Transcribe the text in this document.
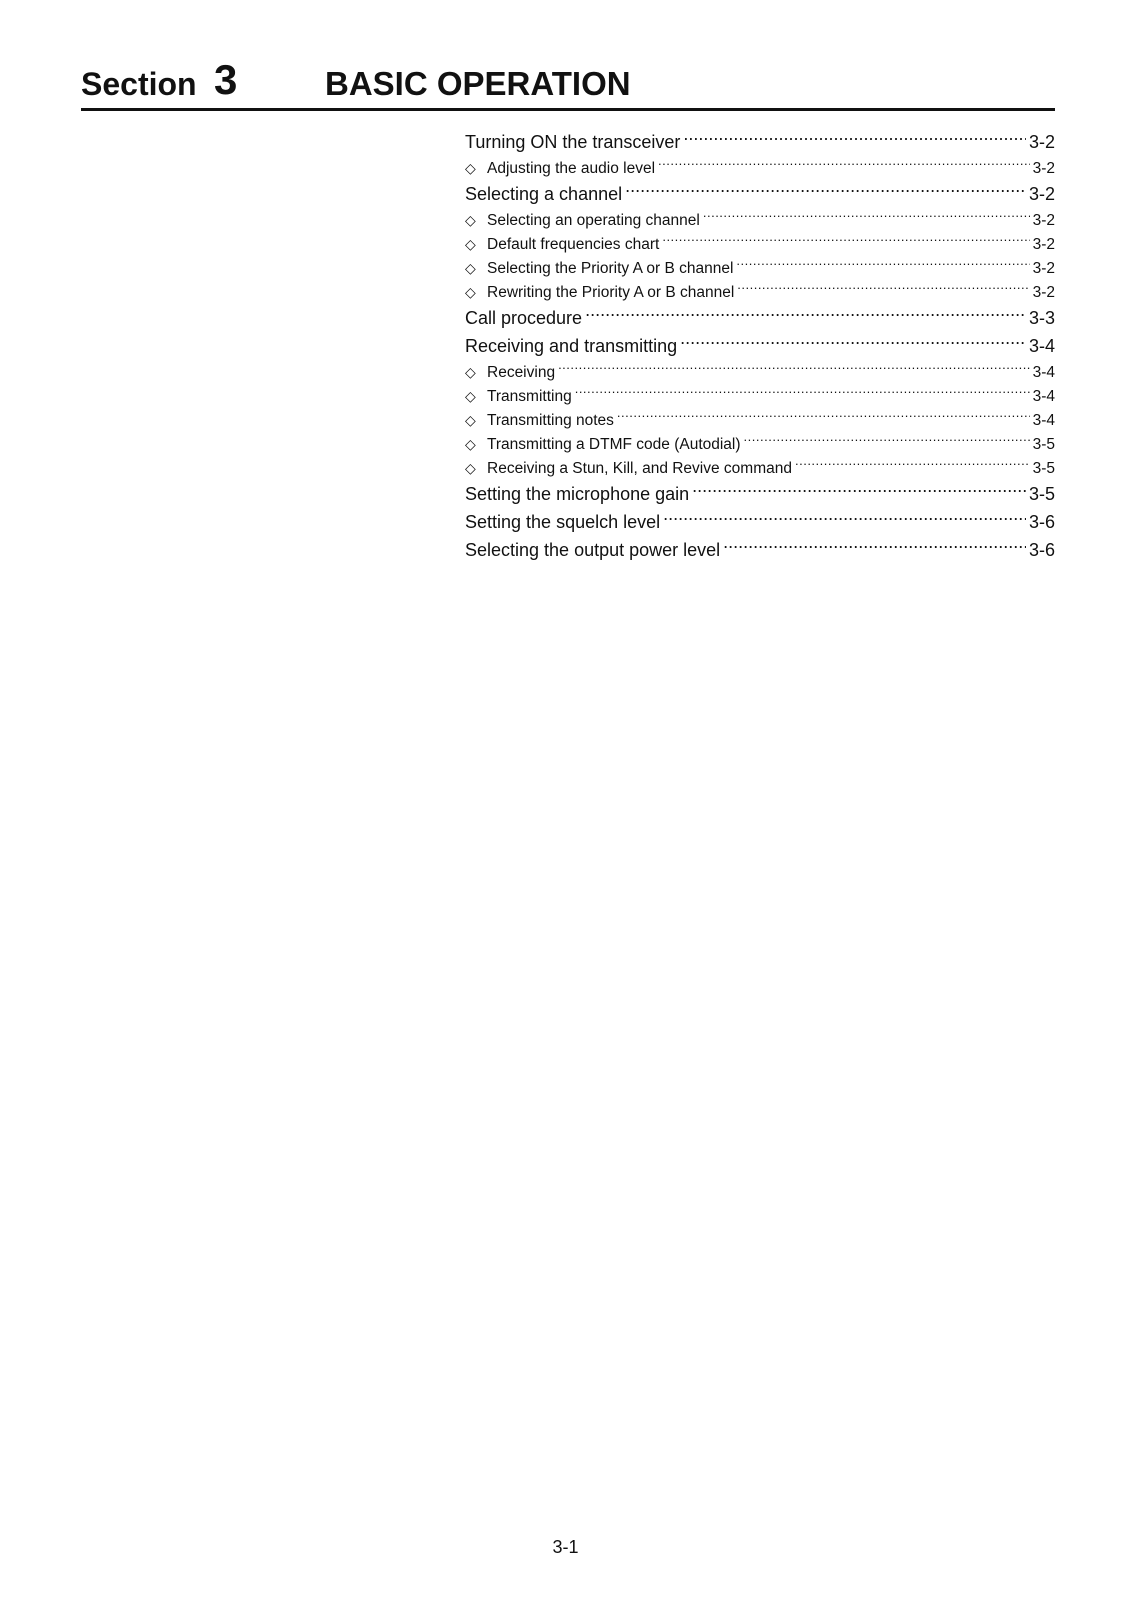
Section 3	BASIC OPERATION
Turning ON the transceiver .....	3-2
◇ Adjusting the audio level .....	3-2
Selecting a channel .....	3-2
◇ Selecting an operating channel .....	3-2
◇ Default frequencies chart .....	3-2
◇ Selecting the Priority A or B channel .....	3-2
◇ Rewriting the Priority A or B channel .....	3-2
Call procedure .....	3-3
Receiving and transmitting .....	3-4
◇ Receiving .....	3-4
◇ Transmitting .....	3-4
◇ Transmitting notes .....	3-4
◇ Transmitting a DTMF code (Autodial) .....	3-5
◇ Receiving a Stun, Kill, and Revive command .....	3-5
Setting the microphone gain .....	3-5
Setting the squelch level .....	3-6
Selecting the output power level .....	3-6
3-1
